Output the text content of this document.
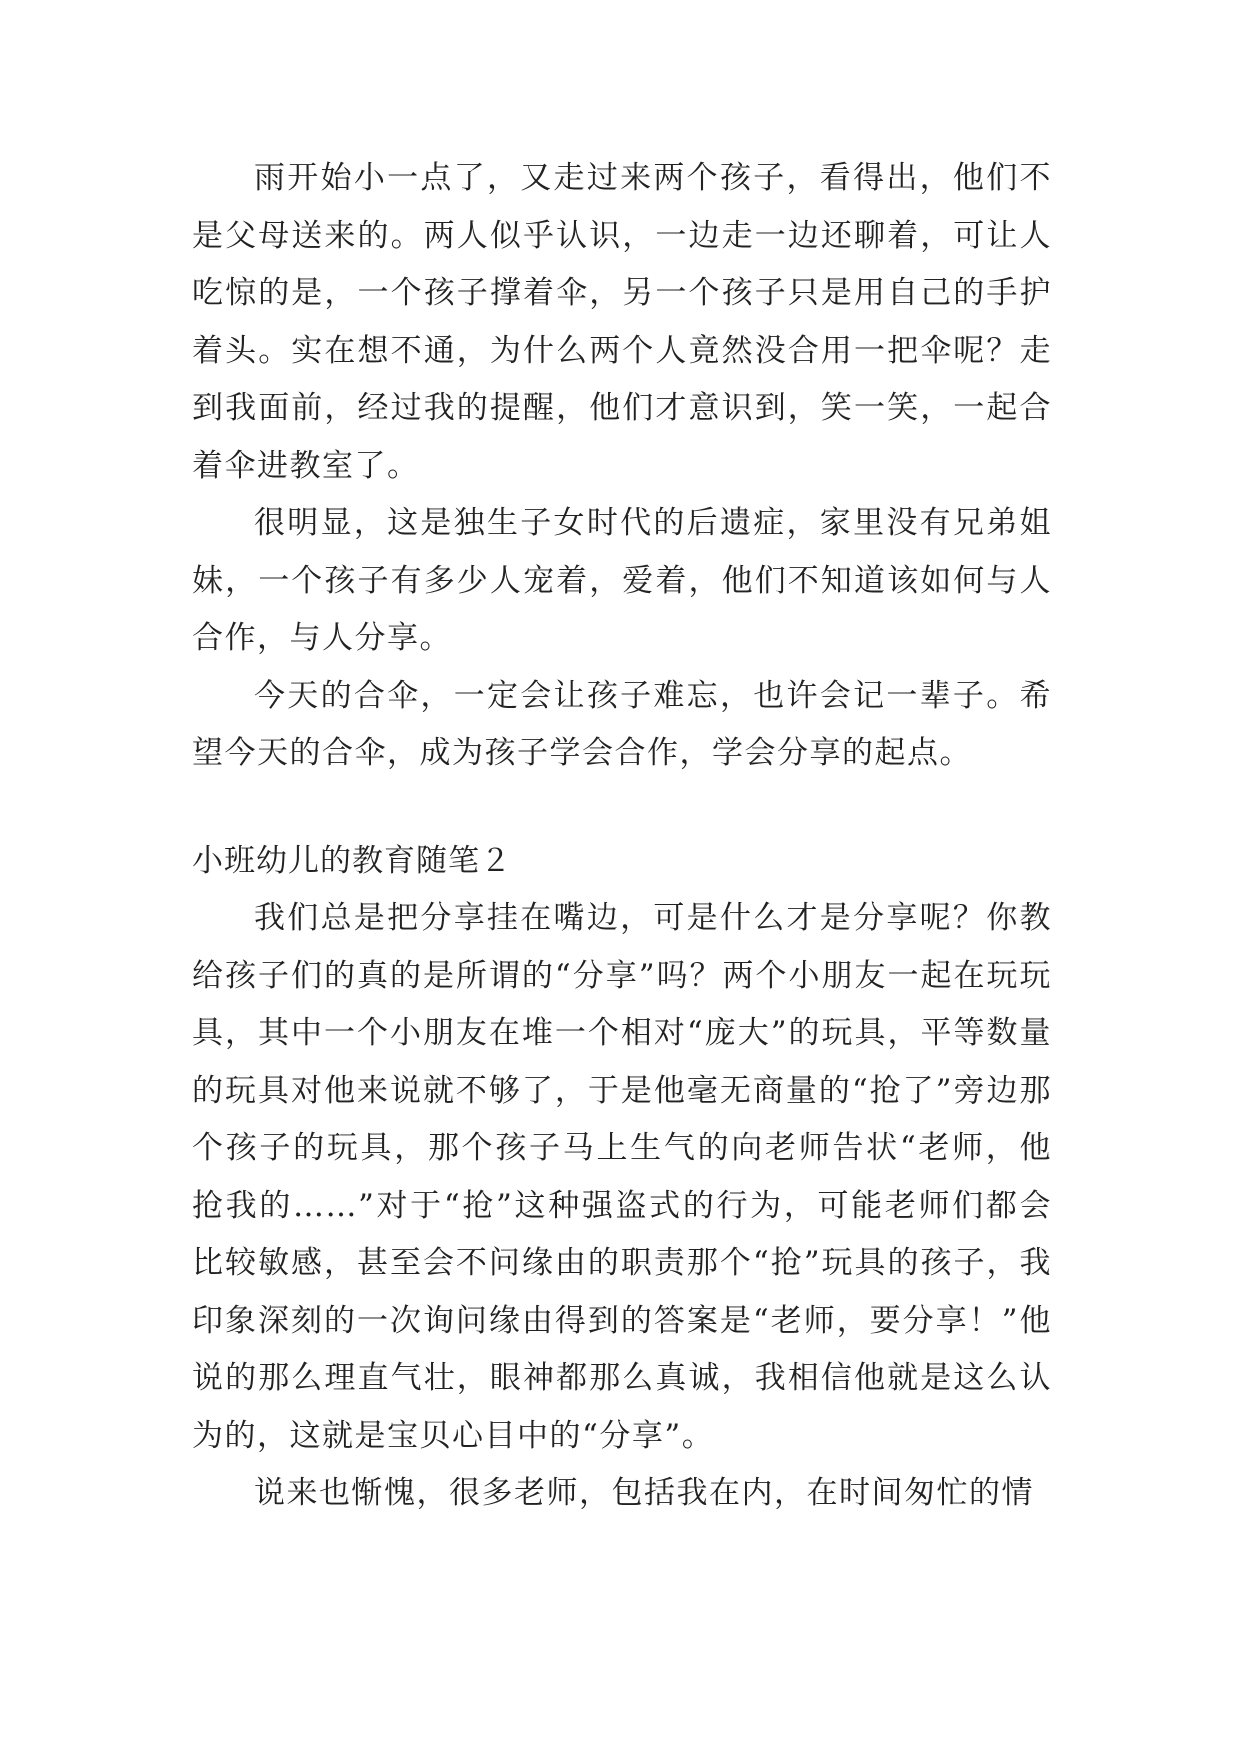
雨开始小一点了，又走过来两个孩子，看得出，他们不是父母送来的。两人似乎认识，一边走一边还聊着，可让人吃惊的是，一个孩子撑着伞，另一个孩子只是用自己的手护着头。实在想不通，为什么两个人竟然没合用一把伞呢？走到我面前，经过我的提醒，他们才意识到，笑一笑，一起合着伞进教室了。

很明显，这是独生子女时代的后遗症，家里没有兄弟姐妹，一个孩子有多少人宠着，爱着，他们不知道该如何与人合作，与人分享。

今天的合伞，一定会让孩子难忘，也许会记一辈子。希望今天的合伞，成为孩子学会合作，学会分享的起点。

小班幼儿的教育随笔２

我们总是把分享挂在嘴边，可是什么才是分享呢？你教给孩子们的真的是所谓的“分享”吗？两个小朋友一起在玩玩具，其中一个小朋友在堆一个相对“庞大”的玩具，平等数量的玩具对他来说就不够了，于是他毫无商量的“抢了”旁边那个孩子的玩具，那个孩子马上生气的向老师告状“老师，他抢我的……”对于“抢”这种强盗式的行为，可能老师们都会比较敏感，甚至会不问缘由的职责那个“抢”玩具的孩子，我印象深刻的一次询问缘由得到的答案是“老师，要分享！”他说的那么理直气壮，眼神都那么真诚，我相信他就是这么认为的，这就是宝贝心目中的“分享”。

说来也惭愧，很多老师，包括我在内，在时间匆忙的情
